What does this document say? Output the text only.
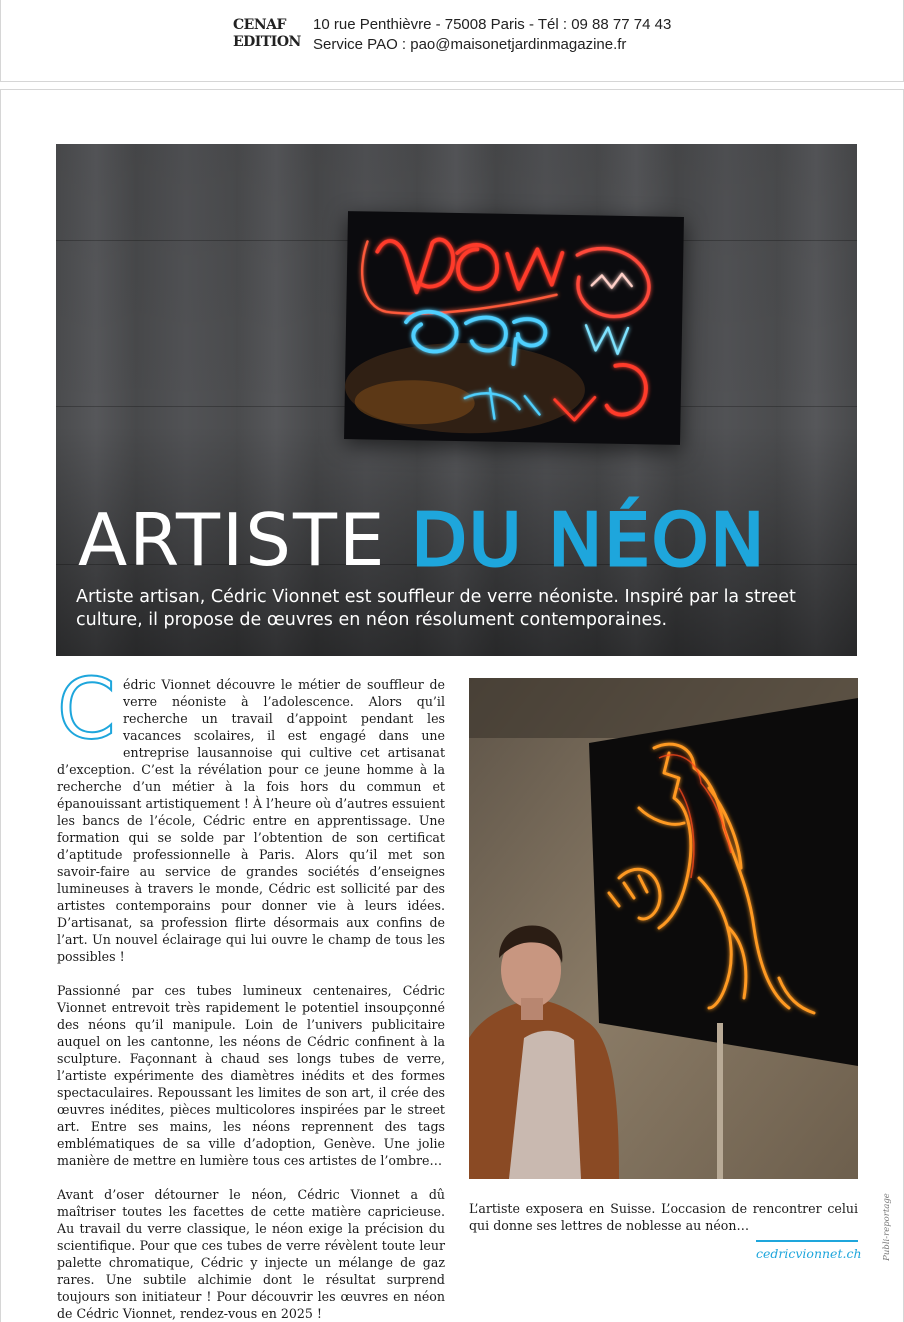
CENAF
EDITION
10 rue Penthièvre - 75008 Paris - Tél : 09 88 77 74 43
Service PAO : pao@maisonetjardinmagazine.fr
ARTISTE DU NÉON
Artiste artisan, Cédric Vionnet est souffleur de verre néoniste. Inspiré par la street culture, il propose de œuvres en néon résolument contemporaines.

C édric Vionnet découvre le métier de souffleur de verre néoniste à l’adolescence. Alors qu’il recherche un travail d’appoint pendant les vacances scolaires, il est engagé dans une entreprise lausannoise qui cultive cet artisanat d’exception. C’est la révélation pour ce jeune homme à la recherche d’un métier à la fois hors du commun et épanouissant artistiquement ! À l’heure où d’autres essuient les bancs de l’école, Cédric entre en apprentissage. Une formation qui se solde par l’obtention de son certificat d’aptitude professionnelle à Paris. Alors qu’il met son savoir-faire au service de grandes sociétés d’enseignes lumineuses à travers le monde, Cédric est sollicité par des artistes contemporains pour donner vie à leurs idées. D’artisanat, sa profession flirte désormais aux confins de l’art. Un nouvel éclairage qui lui ouvre le champ de tous les possibles !

Passionné par ces tubes lumineux centenaires, Cédric Vionnet entrevoit très rapidement le potentiel insoupçonné des néons qu’il manipule. Loin de l’univers publicitaire auquel on les cantonne, les néons de Cédric confinent à la sculpture. Façonnant à chaud ses longs tubes de verre, l’artiste expérimente des diamètres inédits et des formes spectaculaires. Repoussant les limites de son art, il crée des œuvres inédites, pièces multicolores inspirées par le street art. Entre ses mains, les néons reprennent des tags emblématiques de sa ville d’adoption, Genève. Une jolie manière de mettre en lumière tous ces artistes de l’ombre…

Avant d’oser détourner le néon, Cédric Vionnet a dû maîtriser toutes les facettes de cette matière capricieuse. Au travail du verre classique, le néon exige la précision du scientifique. Pour que ces tubes de verre révèlent toute leur palette chromatique, Cédric y injecte un mélange de gaz rares. Une subtile alchimie dont le résultat surprend toujours son initiateur ! Pour découvrir les œuvres en néon de Cédric Vionnet, rendez-vous en 2025 !

L’artiste exposera en Suisse. L’occasion de rencontrer celui qui donne ses lettres de noblesse au néon…
cedricvionnet.ch Publi-reportage
